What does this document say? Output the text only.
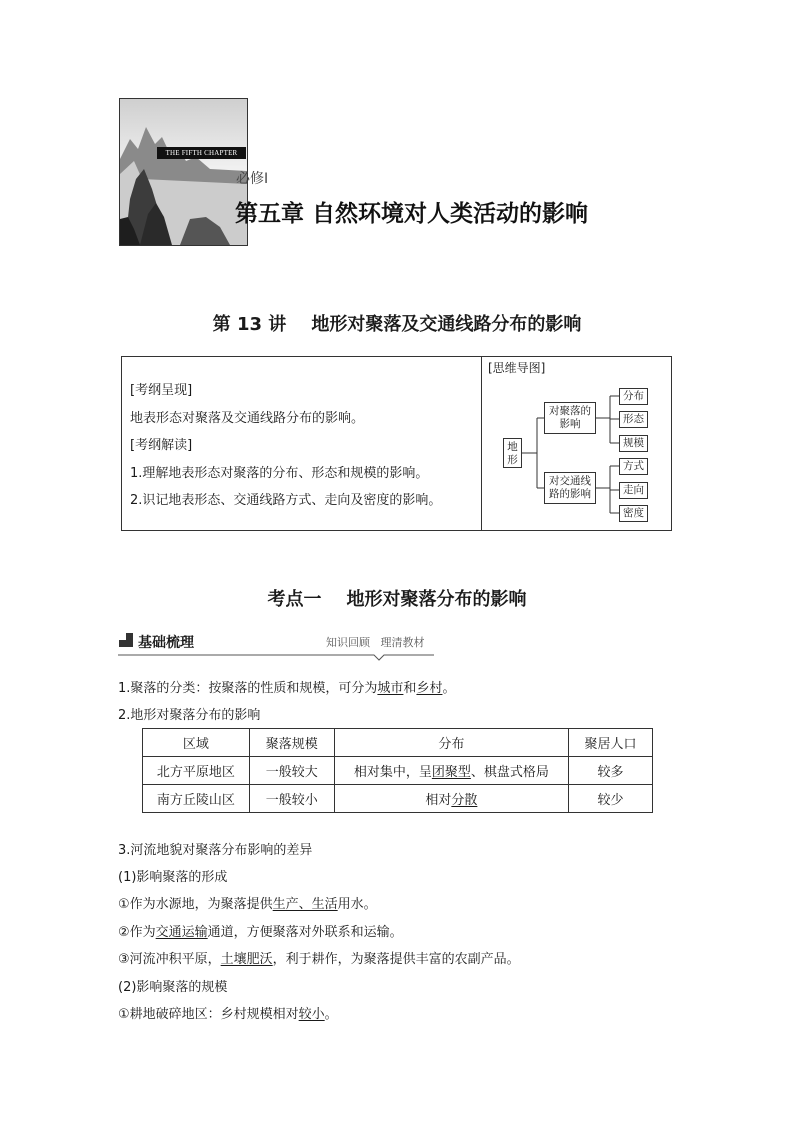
THE FIFTH CHAPTER
必修Ⅰ
第五章 自然环境对人类活动的影响
第 13 讲    地形对聚落及交通线路分布的影响
[考纲呈现]
地表形态对聚落及交通线路分布的影响。
[考纲解读]
1.理解地表形态对聚落的分布、形态和规模的影响。
2.识记地表形态、交通线路方式、走向及密度的影响。
[思维导图]
地形
对聚落的影响
对交通线路的影响
分布
形态
规模
方式
走向
密度
考点一    地形对聚落分布的影响
基础梳理	知识回顾   理清教材
1.聚落的分类：按聚落的性质和规模，可分为城市和乡村。
2.地形对聚落分布的影响
区域	聚落规模	分布	聚居人口
北方平原地区	一般较大	相对集中，呈团聚型、棋盘式格局	较多
南方丘陵山区	一般较小	相对分散	较少
3.河流地貌对聚落分布影响的差异
(1)影响聚落的形成
①作为水源地，为聚落提供生产、生活用水。
②作为交通运输通道，方便聚落对外联系和运输。
③河流冲积平原，土壤肥沃，利于耕作，为聚落提供丰富的农副产品。
(2)影响聚落的规模
①耕地破碎地区：乡村规模相对较小。
